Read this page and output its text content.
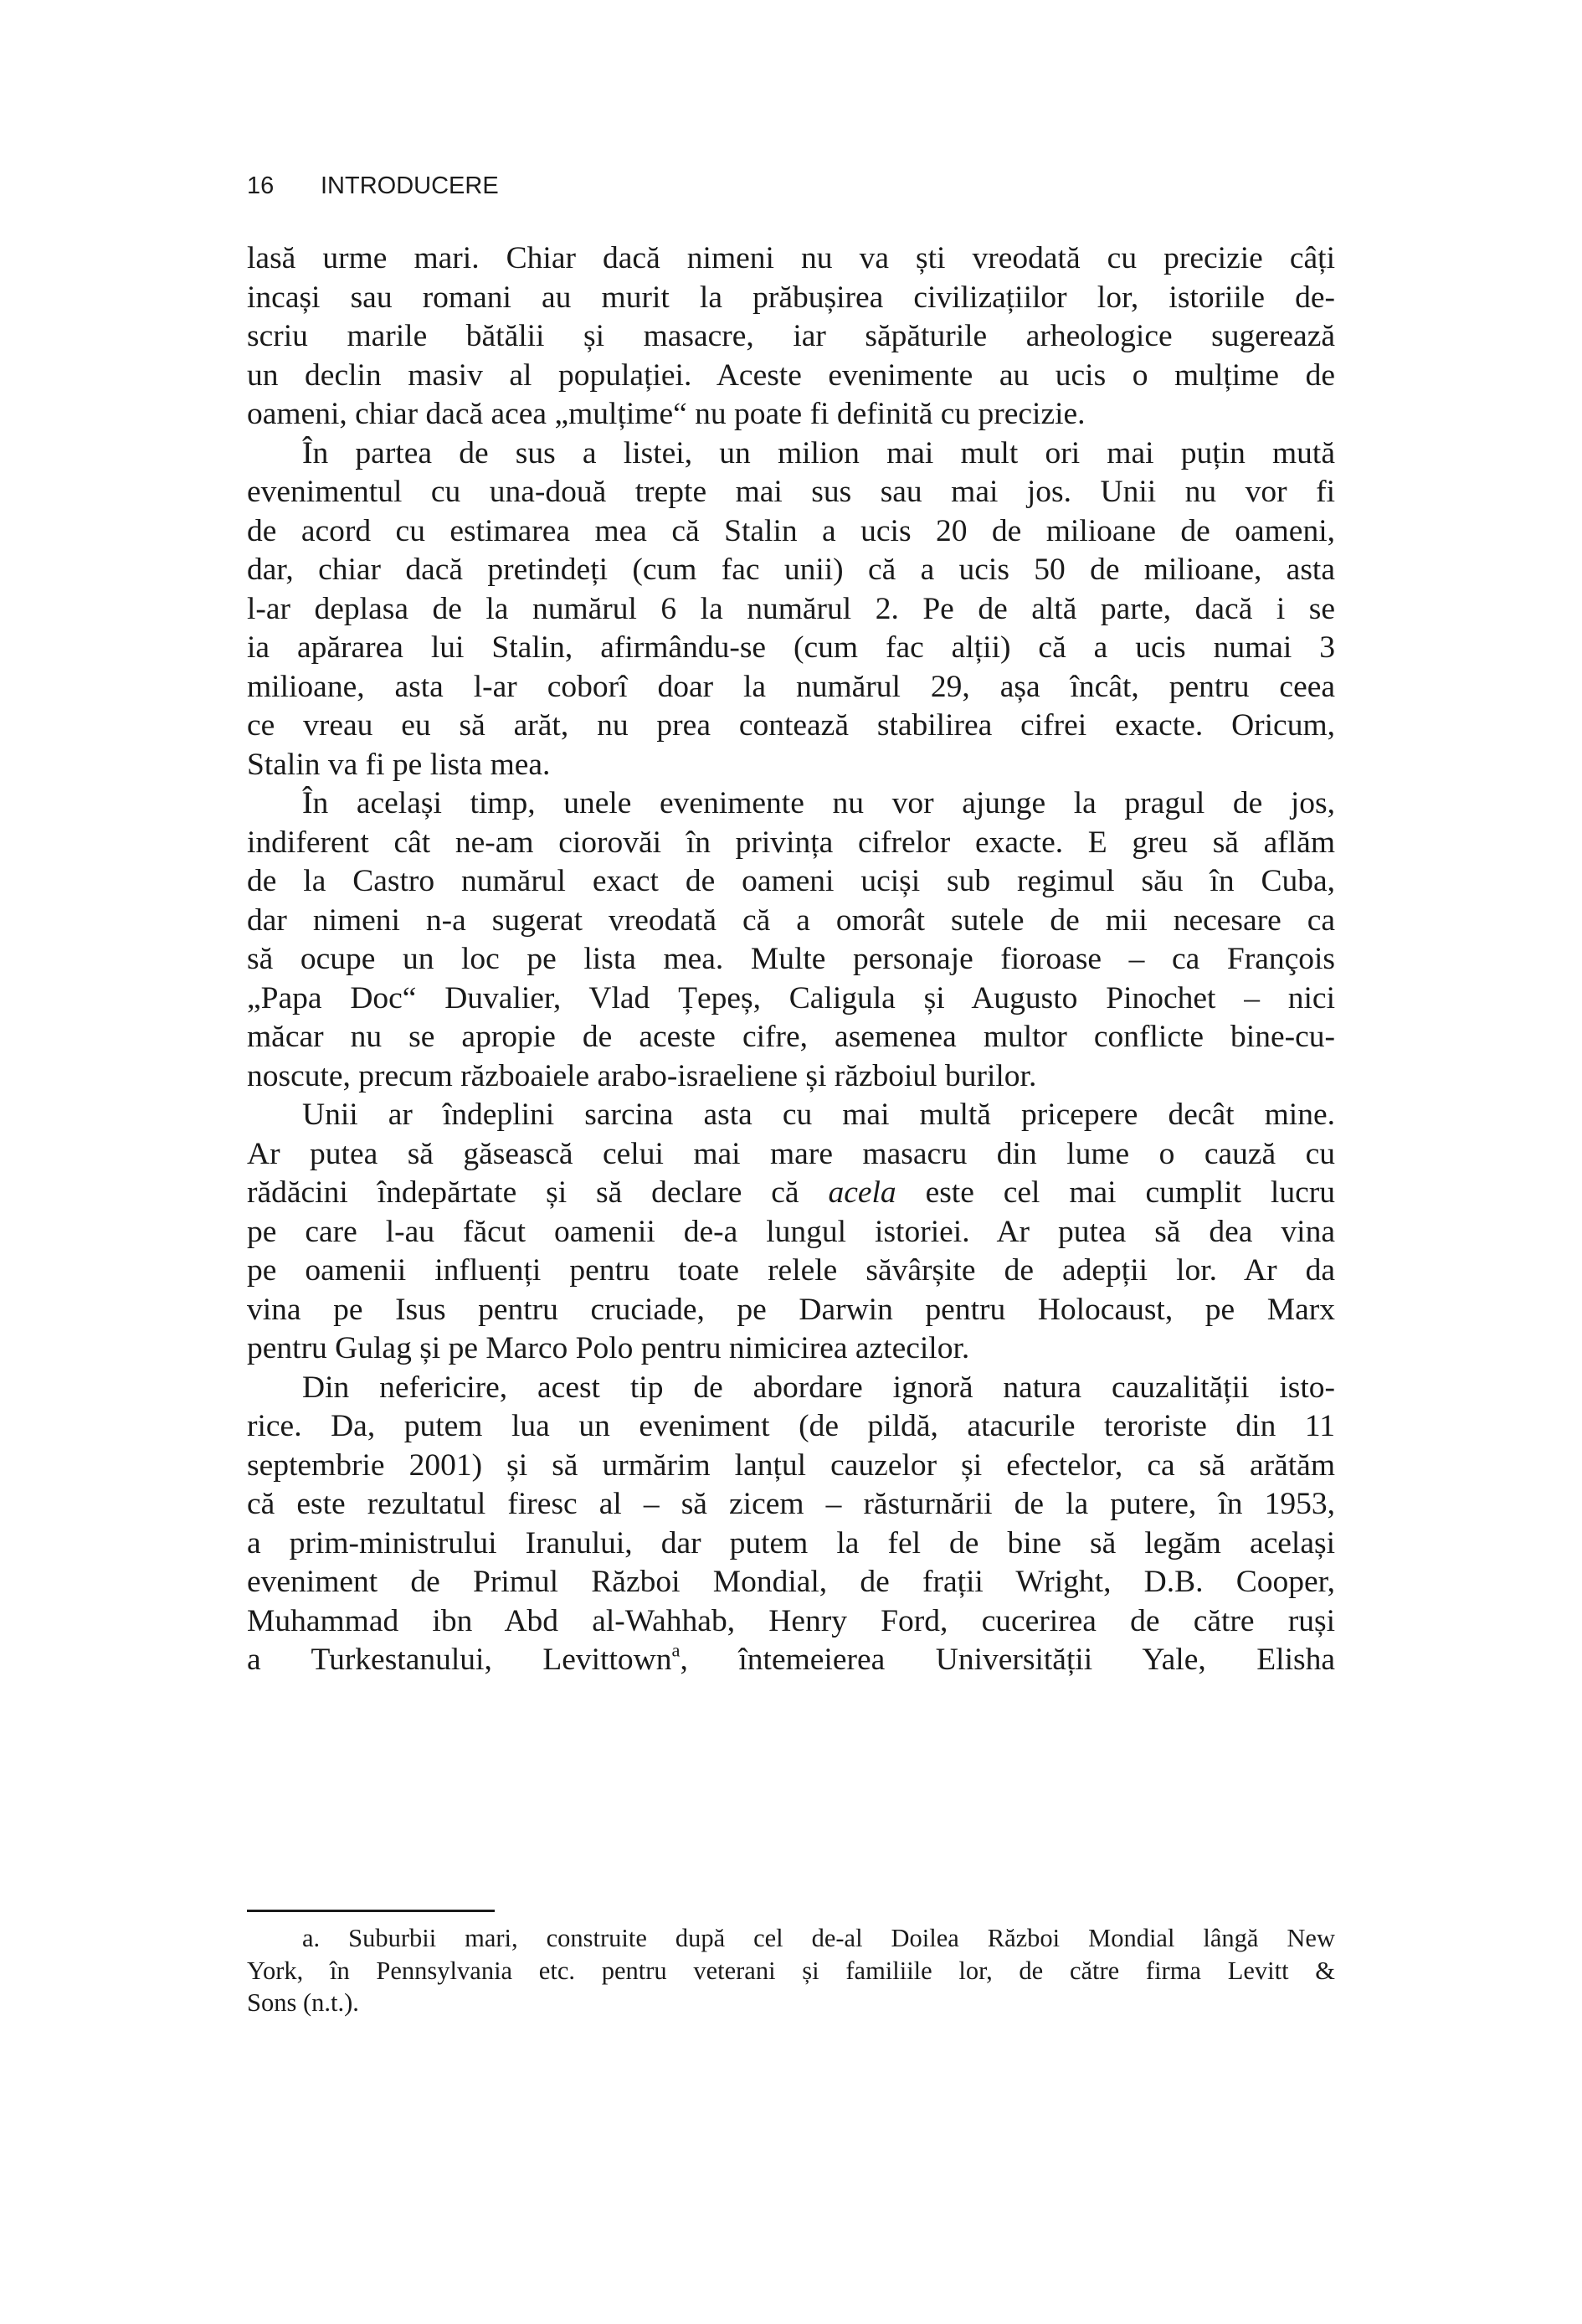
16 INTRODUCERE

lasă urme mari. Chiar dacă nimeni nu va ști vreodată cu precizie câți
incași sau romani au murit la prăbușirea civilizațiilor lor, istoriile de-
scriu marile bătălii și masacre, iar săpăturile arheologice sugerează
un declin masiv al populației. Aceste evenimente au ucis o mulțime de
oameni, chiar dacă acea „mulțime“ nu poate fi definită cu precizie.

În partea de sus a listei, un milion mai mult ori mai puțin mută
evenimentul cu una-două trepte mai sus sau mai jos. Unii nu vor fi
de acord cu estimarea mea că Stalin a ucis 20 de milioane de oameni,
dar, chiar dacă pretindeți (cum fac unii) că a ucis 50 de milioane, asta
l-ar deplasa de la numărul 6 la numărul 2. Pe de altă parte, dacă i se
ia apărarea lui Stalin, afirmându-se (cum fac alții) că a ucis numai 3
milioane, asta l-ar coborî doar la numărul 29, așa încât, pentru ceea
ce vreau eu să arăt, nu prea contează stabilirea cifrei exacte. Oricum,
Stalin va fi pe lista mea.

În același timp, unele evenimente nu vor ajunge la pragul de jos,
indiferent cât ne-am ciorovăi în privința cifrelor exacte. E greu să aflăm
de la Castro numărul exact de oameni uciși sub regimul său în Cuba,
dar nimeni n-a sugerat vreodată că a omorât sutele de mii necesare ca
să ocupe un loc pe lista mea. Multe personaje fioroase – ca François
„Papa Doc“ Duvalier, Vlad Țepeș, Caligula și Augusto Pinochet – nici
măcar nu se apropie de aceste cifre, asemenea multor conflicte bine-cu-
noscute, precum războaiele arabo-israeliene și războiul burilor.

Unii ar îndeplini sarcina asta cu mai multă pricepere decât mine.
Ar putea să găsească celui mai mare masacru din lume o cauză cu
rădăcini îndepărtate și să declare că acela este cel mai cumplit lucru
pe care l-au făcut oamenii de-a lungul istoriei. Ar putea să dea vina
pe oamenii influenți pentru toate relele săvârșite de adepții lor. Ar da
vina pe Isus pentru cruciade, pe Darwin pentru Holocaust, pe Marx
pentru Gulag și pe Marco Polo pentru nimicirea aztecilor.

Din nefericire, acest tip de abordare ignoră natura cauzalității isto-
rice. Da, putem lua un eveniment (de pildă, atacurile teroriste din 11
septembrie 2001) și să urmărim lanțul cauzelor și efectelor, ca să arătăm
că este rezultatul firesc al – să zicem – răsturnării de la putere, în 1953,
a prim-ministrului Iranului, dar putem la fel de bine să legăm același
eveniment de Primul Război Mondial, de frații Wright, D.B. Cooper,
Muhammad ibn Abd al-Wahhab, Henry Ford, cucerirea de către ruși
a Turkestanului, Levittown$^a$, întemeierea Universității Yale, Elisha

a. Suburbii mari, construite după cel de-al Doilea Război Mondial lângă New
York, în Pennsylvania etc. pentru veterani și familiile lor, de către firma Levitt &
Sons (n.t.).
